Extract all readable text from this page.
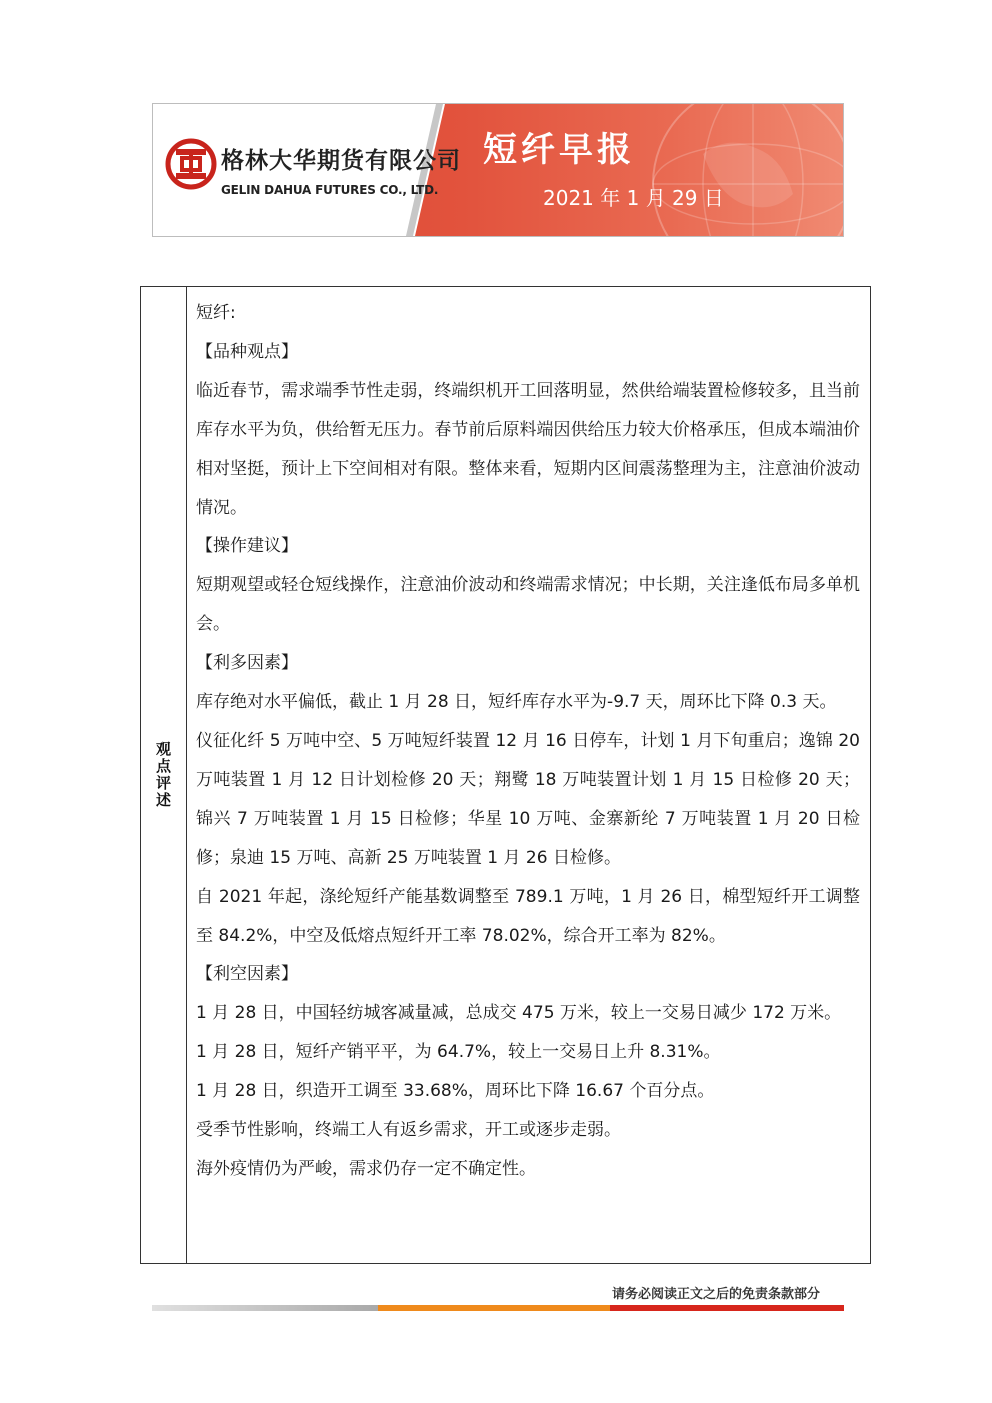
格林大华期货有限公司
GELIN DAHUA FUTURES CO., LTD.
短纤早报
2021 年 1 月 29 日
观点评述

短纤:

【品种观点】

临近春节，需求端季节性走弱，终端织机开工回落明显，然供给端装置检修较多，且当前库存水平为负，供给暂无压力。春节前后原料端因供给压力较大价格承压，但成本端油价相对坚挺，预计上下空间相对有限。整体来看，短期内区间震荡整理为主，注意油价波动情况。

【操作建议】

短期观望或轻仓短线操作，注意油价波动和终端需求情况；中长期，关注逢低布局多单机会。

【利多因素】

库存绝对水平偏低，截止 1 月 28 日，短纤库存水平为-9.7 天，周环比下降 0.3 天。

仪征化纤 5 万吨中空、5 万吨短纤装置 12 月 16 日停车，计划 1 月下旬重启；逸锦 20 万吨装置 1 月 12 日计划检修 20 天；翔鹭 18 万吨装置计划 1 月 15 日检修 20 天；锦兴 7 万吨装置 1 月 15 日检修；华星 10 万吨、金寨新纶 7 万吨装置 1 月 20 日检修；泉迪 15 万吨、高新 25 万吨装置 1 月 26 日检修。

自 2021 年起，涤纶短纤产能基数调整至 789.1 万吨，1 月 26 日，棉型短纤开工调整至 84.2%，中空及低熔点短纤开工率 78.02%，综合开工率为 82%。

【利空因素】

1 月 28 日，中国轻纺城客减量减，总成交 475 万米，较上一交易日减少 172 万米。

1 月 28 日，短纤产销平平，为 64.7%，较上一交易日上升 8.31%。

1 月 28 日，织造开工调至 33.68%，周环比下降 16.67 个百分点。

受季节性影响，终端工人有返乡需求，开工或逐步走弱。

海外疫情仍为严峻，需求仍存一定不确定性。

请务必阅读正文之后的免责条款部分
